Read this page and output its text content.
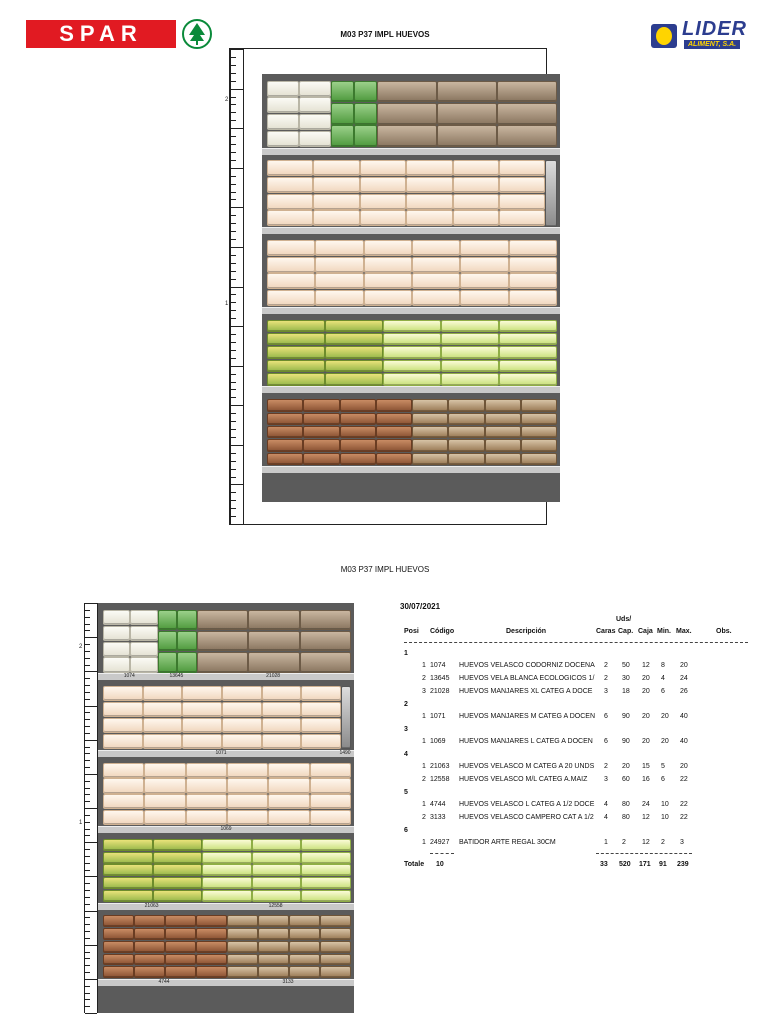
SPAR	M03 P37 IMPL HUEVOS	LIDER
ALIMENT, S.A.
2
1
M03 P37 IMPL HUEVOS
2
1
1074	13645	21028
1071	1490
1069
21063	12558
4744	3133
30/07/2021
Uds/
Posi Código	Descripción	Caras Cap. Caja Min. Max.	Obs.
1
1 1074 HUEVOS VELASCO CODORNIZ DOCENA 2 50 12 8 20
2 13645 HUEVOS VELA BLANCA ECOLOGICOS 1/ 2 30 20 4 24
3 21028 HUEVOS MANJARES XL CATEG A DOCE 3 18 20 6 26
2
1 1071 HUEVOS MANJARES M CATEG A DOCEN 6 90 20 20 40
3
1 1069 HUEVOS MANJARES L CATEG A DOCEN 6 90 20 20 40
4
1 21063 HUEVOS VELASCO M CATEG A 20 UNDS 2 20 15 5 20
2 12558 HUEVOS VELASCO M/L CATEG A.MAIZ 3 60 16 6 22
5
1 4744 HUEVOS VELASCO L CATEG A 1/2 DOCE 4 80 24 10 22
2 3133 HUEVOS VELASCO CAMPERO CAT A 1/2 4 80 12 10 22
6
1 24927 BATIDOR ARTE REGAL 30CM	1 2 12 2 3
Totale 10	33 520 171 91 239
